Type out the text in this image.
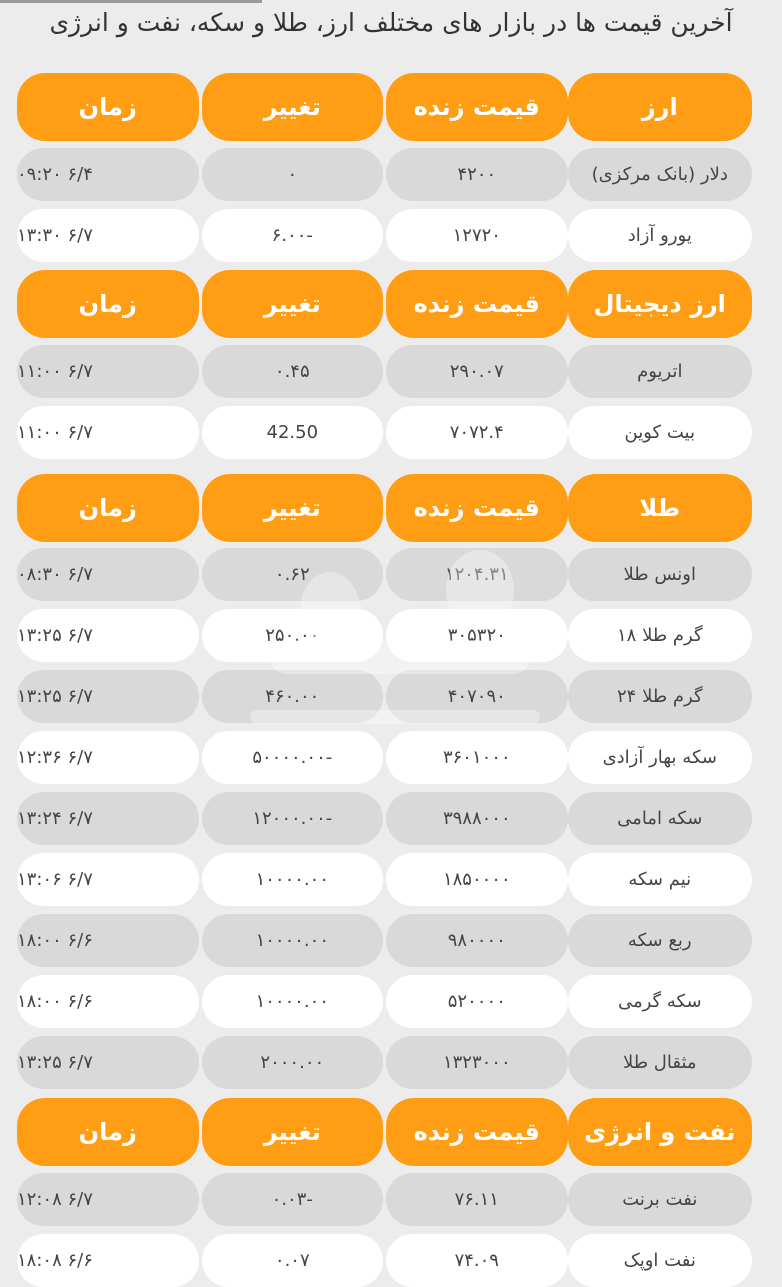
آخرین قیمت ها در بازار های مختلف ارز، طلا و سکه، نفت و انرژی
ارز
قیمت زنده
تغییر
زمان
دلار (بانک مرکزی)
۴۲۰۰
۰
۶/۴ ۰۹:۲۰
یورو آزاد
۱۲۷۲۰
-۶.۰۰
۶/۷ ۱۳:۳۰
ارز دیجیتال
قیمت زنده
تغییر
زمان
اتریوم
۲۹۰.۰۷
۰.۴۵
۶/۷ ۱۱:۰۰
بیت کوین
۷۰۷۲.۴
42.50
۶/۷ ۱۱:۰۰
طلا
قیمت زنده
تغییر
زمان
اونس طلا
۱۲۰۴.۳۱
۰.۶۲
۶/۷ ۰۸:۳۰
گرم طلا ۱۸
۳۰۵۳۲۰
۲۵۰.۰۰
۶/۷ ۱۳:۲۵
گرم طلا ۲۴
۴۰۷۰۹۰
۴۶۰.۰۰
۶/۷ ۱۳:۲۵
سکه بهار آزادی
۳۶۰۱۰۰۰
-۵۰۰۰۰.۰۰
۶/۷ ۱۲:۳۶
سکه امامی
۳۹۸۸۰۰۰
-۱۲۰۰۰.۰۰
۶/۷ ۱۳:۲۴
نیم سکه
۱۸۵۰۰۰۰
۱۰۰۰۰.۰۰
۶/۷ ۱۳:۰۶
ربع سکه
۹۸۰۰۰۰
۱۰۰۰۰.۰۰
۶/۶ ۱۸:۰۰
سکه گرمی
۵۲۰۰۰۰
۱۰۰۰۰.۰۰
۶/۶ ۱۸:۰۰
مثقال طلا
۱۳۲۳۰۰۰
۲۰۰۰.۰۰
۶/۷ ۱۳:۲۵
نفت و انرژی
قیمت زنده
تغییر
زمان
نفت برنت
۷۶.۱۱
-۰.۰۳
۶/۷ ۱۲:۰۸
نفت اوپک
۷۴.۰۹
۰.۰۷
۶/۶ ۱۸:۰۸
